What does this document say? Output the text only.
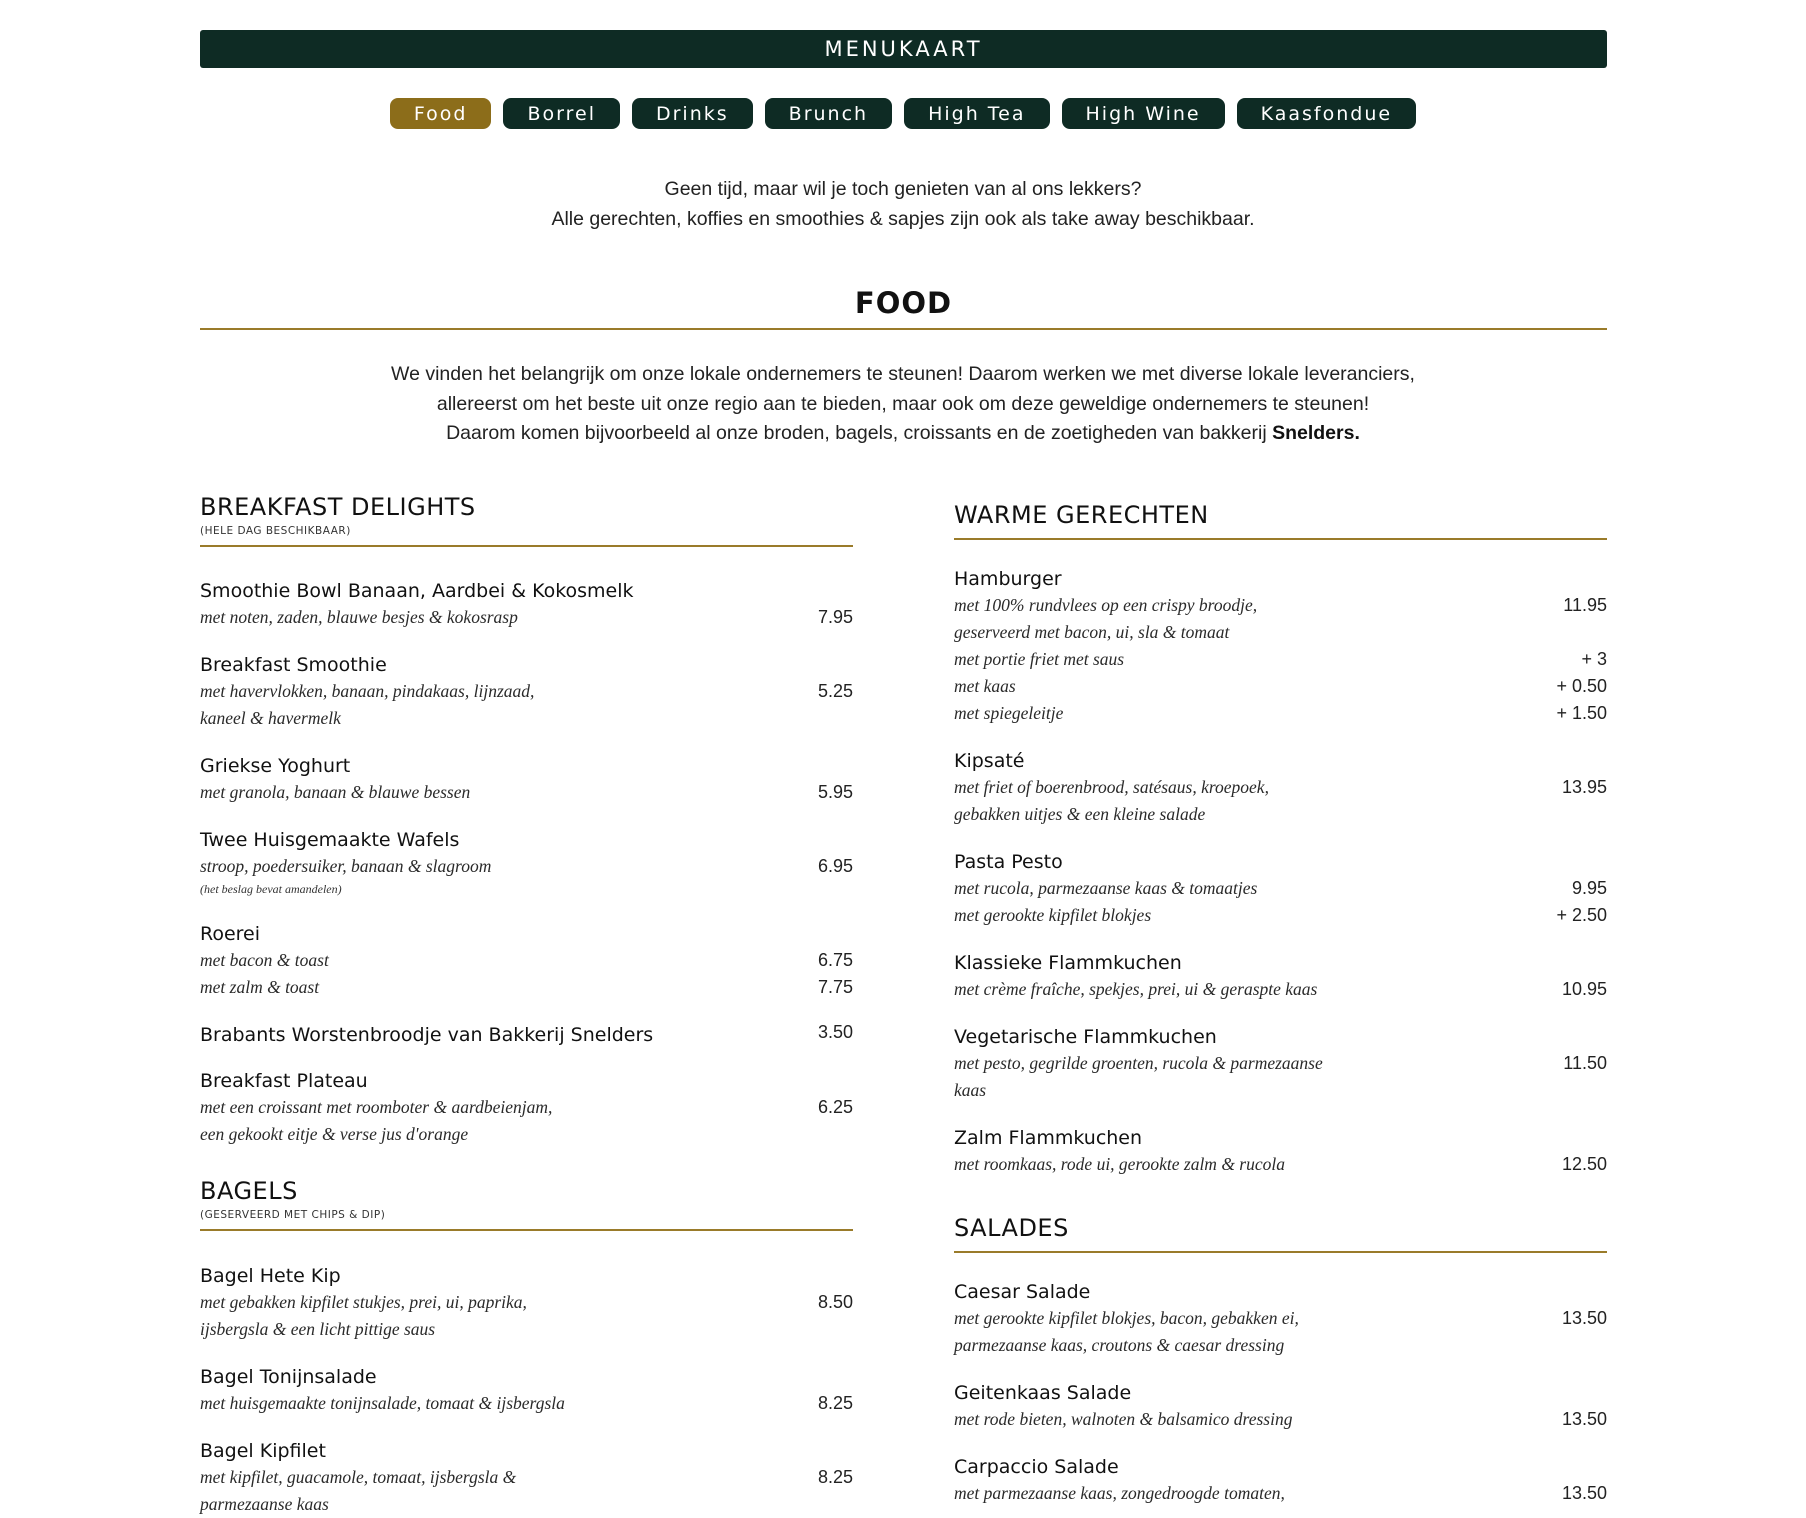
MENUKAART
Food	Borrel	Drinks	Brunch	High Tea	High Wine	Kaasfondue
Geen tijd, maar wil je toch genieten van al ons lekkers?
Alle gerechten, koffies en smoothies & sapjes zijn ook als take away beschikbaar.
FOOD
We vinden het belangrijk om onze lokale ondernemers te steunen! Daarom werken we met diverse lokale leveranciers,
allereerst om het beste uit onze regio aan te bieden, maar ook om deze geweldige ondernemers te steunen!
Daarom komen bijvoorbeeld al onze broden, bagels, croissants en de zoetigheden van bakkerij Snelders.
BREAKFAST DELIGHTS
(HELE DAG BESCHIKBAAR)
Smoothie Bowl Banaan, Aardbei & Kokosmelk
met noten, zaden, blauwe besjes & kokosrasp	7.95
Breakfast Smoothie
met havervlokken, banaan, pindakaas, lijnzaad,	5.25
kaneel & havermelk
Griekse Yoghurt
met granola, banaan & blauwe bessen	5.95
Twee Huisgemaakte Wafels
stroop, poedersuiker, banaan & slagroom	6.95
(het beslag bevat amandelen)
Roerei
met bacon & toast	6.75
met zalm & toast	7.75
Brabants Worstenbroodje van Bakkerij Snelders	3.50
Breakfast Plateau
met een croissant met roomboter & aardbeienjam,	6.25
een gekookt eitje & verse jus d'orange
BAGELS
(GESERVEERD MET CHIPS & DIP)
Bagel Hete Kip
met gebakken kipfilet stukjes, prei, ui, paprika,	8.50
ijsbergsla & een licht pittige saus
Bagel Tonijnsalade
met huisgemaakte tonijnsalade, tomaat & ijsbergsla	8.25
Bagel Kipfilet
met kipfilet, guacamole, tomaat, ijsbergsla &	8.25
parmezaanse kaas
WARME GERECHTEN
Hamburger
met 100% rundvlees op een crispy broodje,	11.95
geserveerd met bacon, ui, sla & tomaat
met portie friet met saus	+ 3
met kaas	+ 0.50
met spiegeleitje	+ 1.50
Kipsaté
met friet of boerenbrood, satésaus, kroepoek,	13.95
gebakken uitjes & een kleine salade
Pasta Pesto
met rucola, parmezaanse kaas & tomaatjes	9.95
met gerookte kipfilet blokjes	+ 2.50
Klassieke Flammkuchen
met crème fraîche, spekjes, prei, ui & geraspte kaas	10.95
Vegetarische Flammkuchen
met pesto, gegrilde groenten, rucola & parmezaanse	11.50
kaas
Zalm Flammkuchen
met roomkaas, rode ui, gerookte zalm & rucola	12.50
SALADES
Caesar Salade
met gerookte kipfilet blokjes, bacon, gebakken ei,	13.50
parmezaanse kaas, croutons & caesar dressing
Geitenkaas Salade
met rode bieten, walnoten & balsamico dressing	13.50
Carpaccio Salade
met parmezaanse kaas, zongedroogde tomaten,	13.50
